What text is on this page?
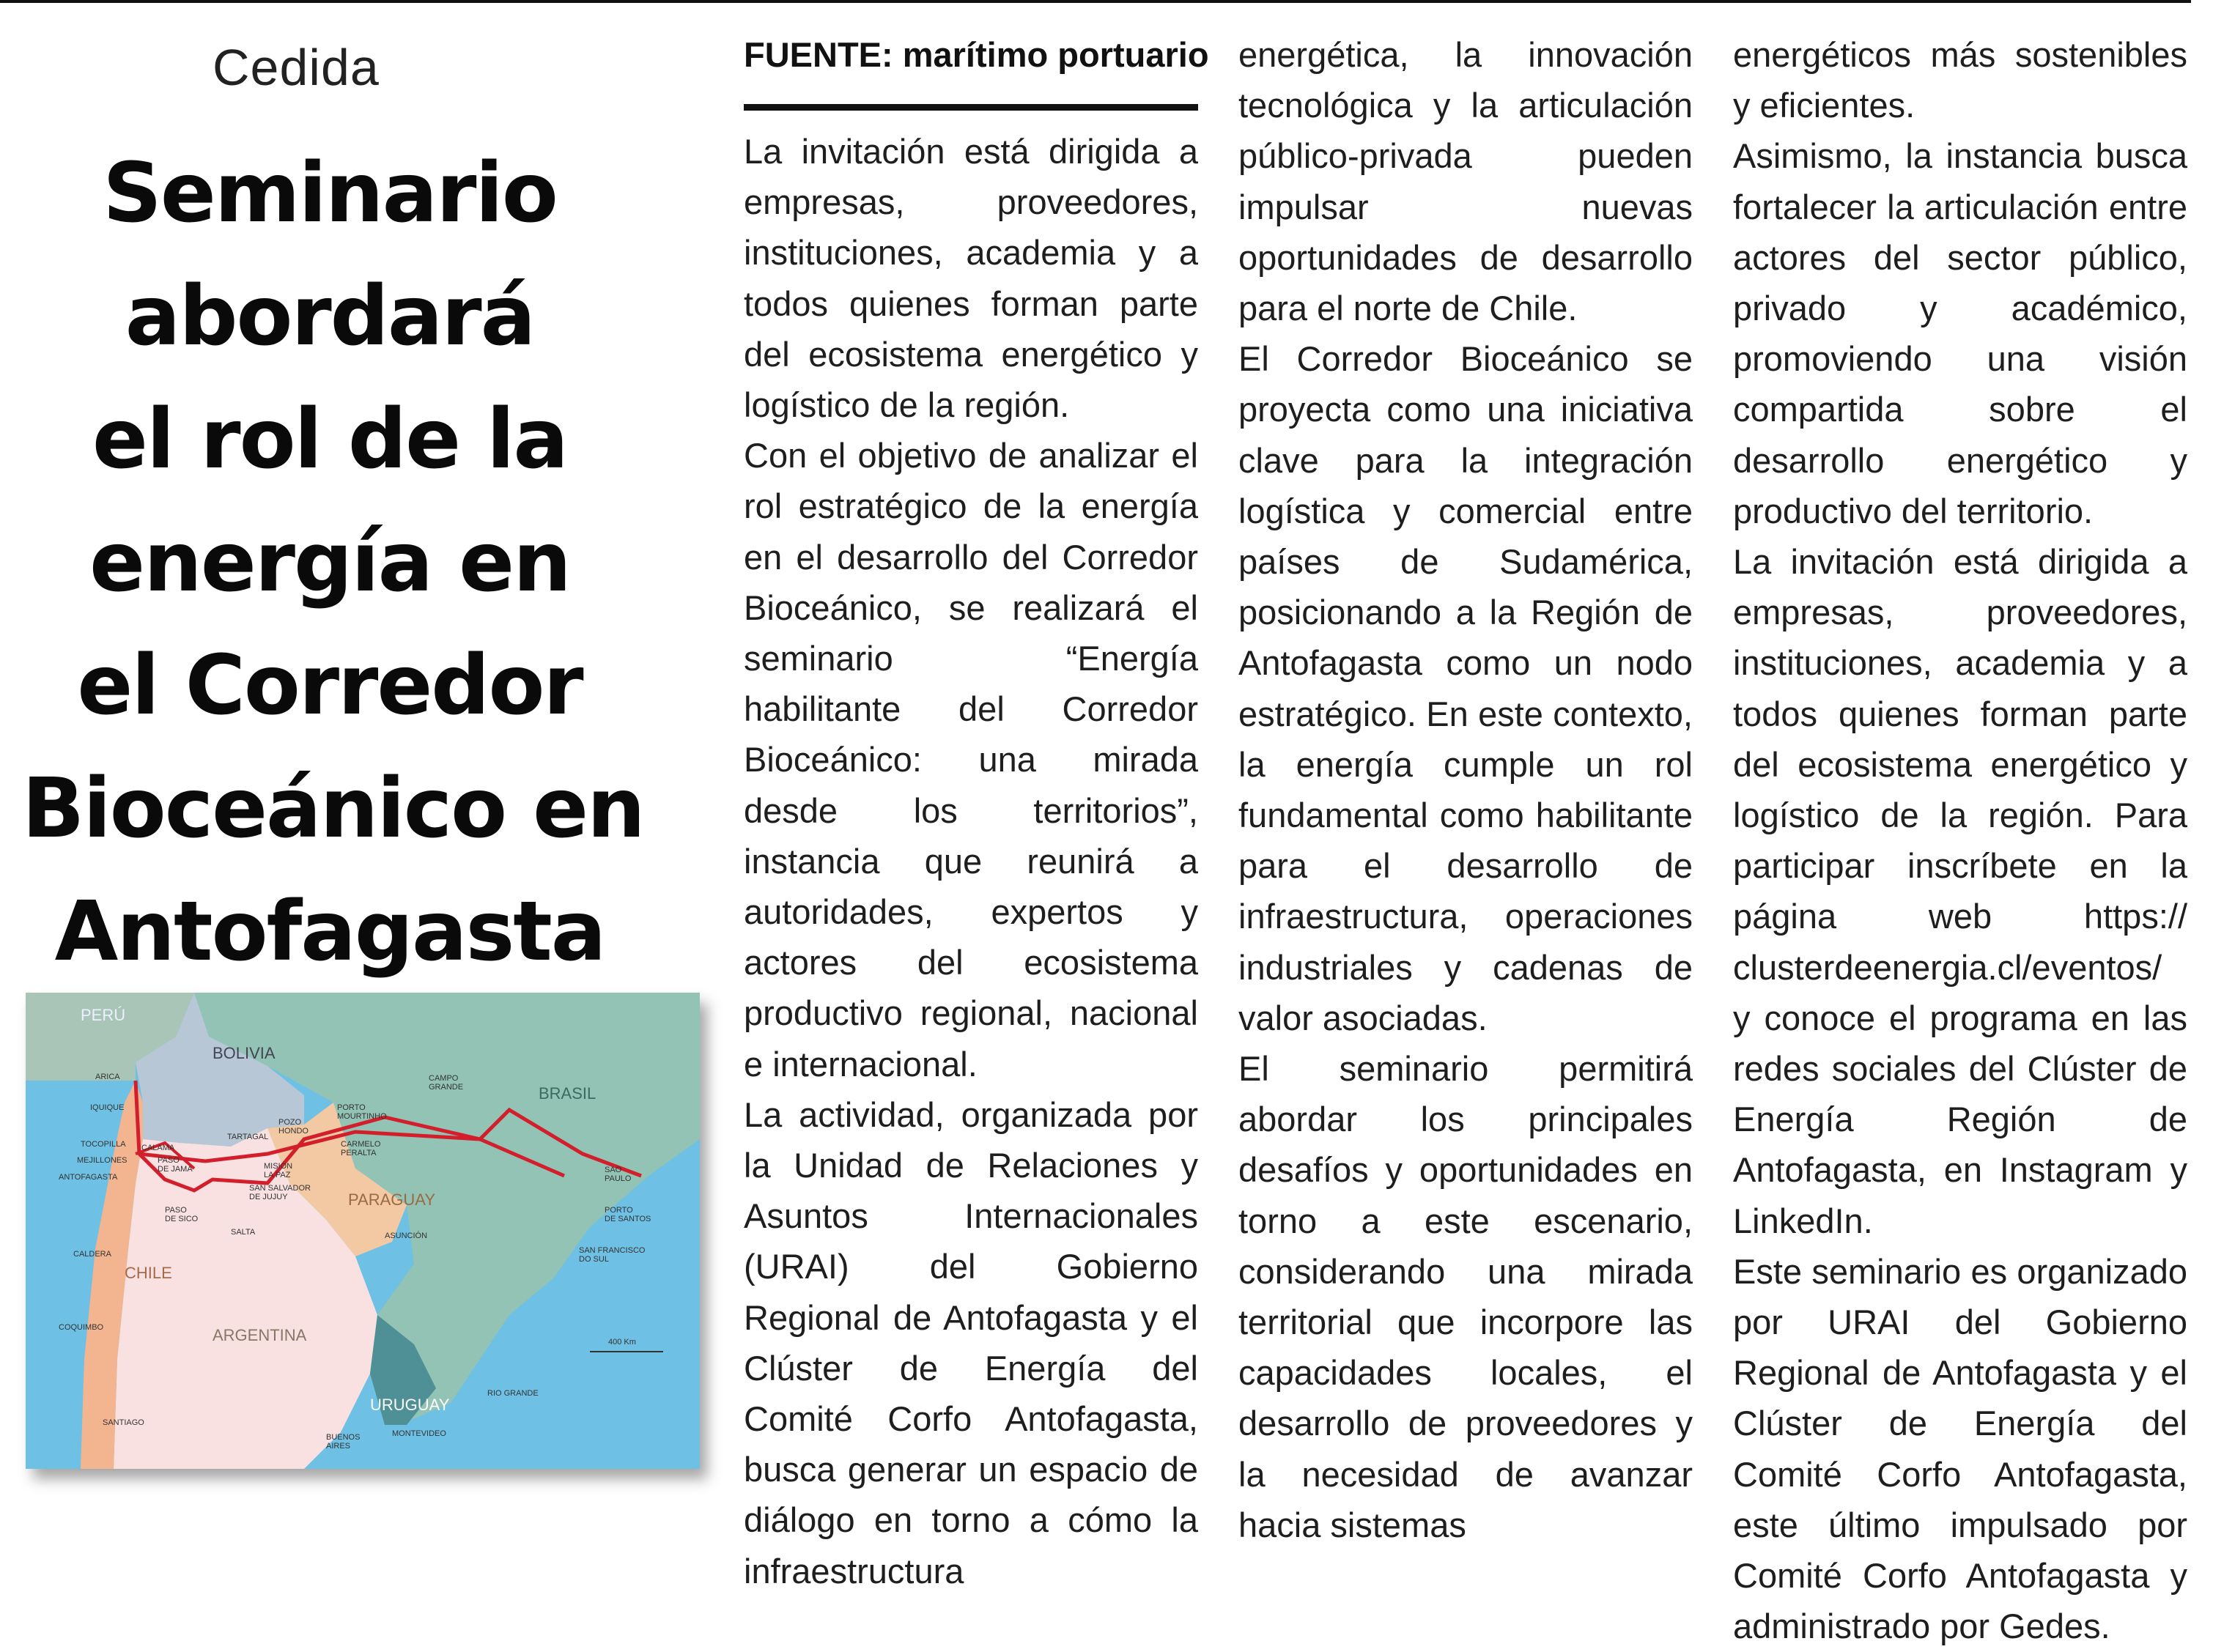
Cedida
Seminario
abordará
el rol de la
energía en
el Corredor
Bioceánico en
Antofagasta
PERÚ
BOLIVIA
BRASIL
PARAGUAY
CHILE
ARGENTINA
URUGUAY
ARICA
IQUIQUE
TOCOPILLA
MEJILLONES
ANTOFAGASTA
CALAMA
PASO DE JAMA
TARTAGAL
POZO HONDO
PORTO MOURTINHO
CAMPO GRANDE
CARMELO PERALTA
MISIÓN LA PAZ
SAN SALVADOR DE JUJUY
PASO DE SICO
SALTA	ASUNCIÓN
SAO PAULO
PORTO DE SANTOS
SAN FRANCISCO DO SUL
CALDERA
COQUIMBO
SANTIAGO
BUENOS AIRES
MONTEVIDEO
RIO GRANDE
400 Km
FUENTE: marítimo portuario

La invitación está dirigida a empresas, proveedores, instituciones, academia y a todos quienes forman parte del ecosistema energético y logístico de la región.

Con el objetivo de analizar el rol estratégico de la energía en el desarrollo del Corredor Bioceánico, se realizará el seminario “Energía habilitante del Corredor Bioceánico: una mirada desde los territorios”, instancia que reunirá a autoridades, expertos y actores del ecosistema productivo regional, nacional e internacional.

La actividad, organizada por la Unidad de Relaciones y Asuntos Internacionales (URAI) del Gobierno Regional de Antofagasta y el Clúster de Energía del Comité Corfo Antofagasta, busca generar un espacio de diálogo en torno a cómo la infraestructura

energética, la innovación tecnológica y la articulación público-privada pueden impulsar nuevas oportunidades de desarrollo para el norte de Chile.

El Corredor Bioceánico se proyecta como una iniciativa clave para la integración logística y comercial entre países de Sudamérica, posicionando a la Región de Antofagasta como un nodo estratégico. En este contexto, la energía cumple un rol fundamental como habilitante para el desarrollo de infraestructura, operaciones industriales y cadenas de valor asociadas.

El seminario permitirá abordar los principales desafíos y oportunidades en torno a este escenario, considerando una mirada territorial que incorpore las capacidades locales, el desarrollo de proveedores y la necesidad de avanzar hacia sistemas

energéticos más sostenibles y eficientes.

Asimismo, la instancia busca fortalecer la articulación entre actores del sector público, privado y académico, promoviendo una visión compartida sobre el desarrollo energético y productivo del territorio.

La invitación está dirigida a empresas, proveedores, instituciones, academia y a todos quienes forman parte del ecosistema energético y logístico de la región. Para participar inscríbete en la página web https:// clusterdeenergia.cl/eventos/ y conoce el programa en las redes sociales del Clúster de Energía Región de Antofagasta, en Instagram y LinkedIn.

Este seminario es organizado por URAI del Gobierno Regional de Antofagasta y el Clúster de Energía del Comité Corfo Antofagasta, este último impulsado por Comité Corfo Antofagasta y administrado por Gedes.
